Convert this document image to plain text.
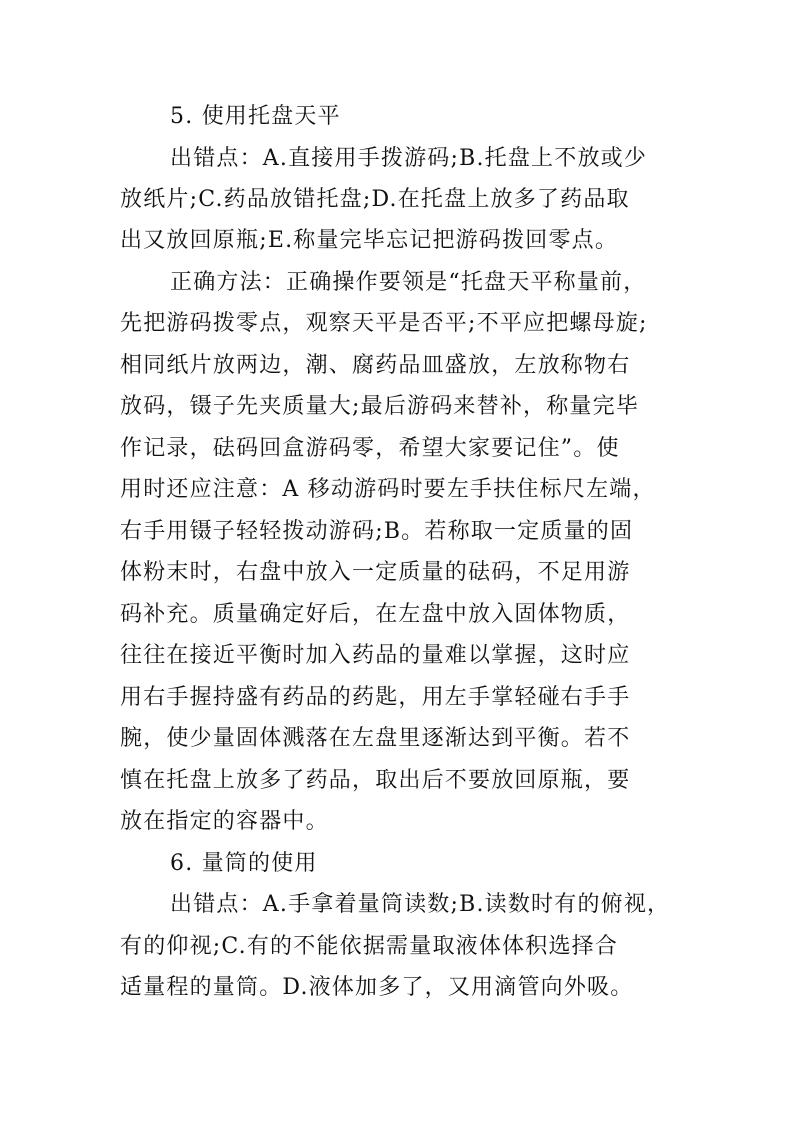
5. 使用托盘天平
出错点：A.直接用手拨游码;B.托盘上不放或少
放纸片;C.药品放错托盘;D.在托盘上放多了药品取
出又放回原瓶;E.称量完毕忘记把游码拨回零点。
正确方法：正确操作要领是“托盘天平称量前，
先把游码拨零点，观察天平是否平;不平应把螺母旋;
相同纸片放两边，潮、腐药品皿盛放，左放称物右
放码，镊子先夹质量大;最后游码来替补，称量完毕
作记录，砝码回盒游码零，希望大家要记住”。使
用时还应注意：A 移动游码时要左手扶住标尺左端，
右手用镊子轻轻拨动游码;B。若称取一定质量的固
体粉末时，右盘中放入一定质量的砝码，不足用游
码补充。质量确定好后，在左盘中放入固体物质，
往往在接近平衡时加入药品的量难以掌握，这时应
用右手握持盛有药品的药匙，用左手掌轻碰右手手
腕，使少量固体溅落在左盘里逐渐达到平衡。若不
慎在托盘上放多了药品，取出后不要放回原瓶，要
放在指定的容器中。
6. 量筒的使用
出错点：A.手拿着量筒读数;B.读数时有的俯视，
有的仰视;C.有的不能依据需量取液体体积选择合
适量程的量筒。D.液体加多了，又用滴管向外吸。
